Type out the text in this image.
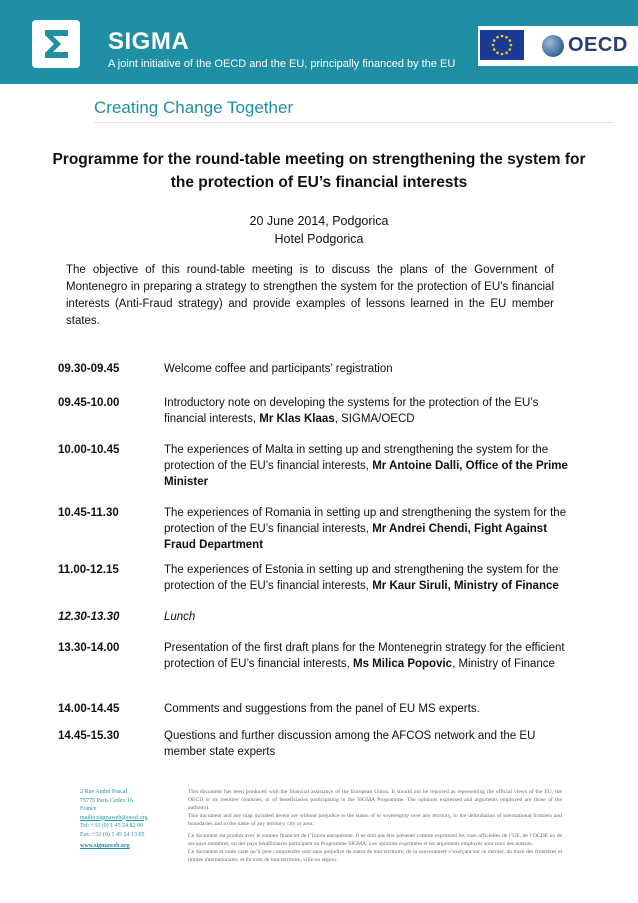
SIGMA
A joint initiative of the OECD and the EU, principally financed by the EU
OECD
Creating Change Together
Programme for the round-table meeting on strengthening the system for the protection of EU’s financial interests
20 June 2014, Podgorica
Hotel Podgorica
The objective of this round-table meeting is to discuss the plans of the Government of Montenegro in preparing a strategy to strengthen the system for the protection of EU’s financial interests (Anti-Fraud strategy) and provide examples of lessons learned in the EU member states.
09.30-09.45	Welcome coffee and participants’ registration
09.45-10.00	Introductory note on developing the systems for the protection of the EU’s financial interests, Mr Klas Klaas, SIGMA/OECD
10.00-10.45	The experiences of Malta in setting up and strengthening the system for the protection of the EU’s financial interests, Mr Antoine Dalli, Office of the Prime Minister
10.45-11.30	The experiences of Romania in setting up and strengthening the system for the protection of the EU’s financial interests, Mr Andrei Chendi, Fight Against Fraud Department
11.00-12.15	The experiences of Estonia in setting up and strengthening the system for the protection of the EU’s financial interests, Mr Kaur Siruli, Ministry of Finance
12.30-13.30	Lunch
13.30-14.00	Presentation of the first draft plans for the Montenegrin strategy for the efficient protection of EU’s financial interests, Ms Milica Popovic, Ministry of Finance
14.00-14.45	Comments and suggestions from the panel of EU MS experts.
14.45-15.30	Questions and further discussion among the AFCOS network and the EU member state experts
2 Rue André Pascal
75775 Paris Cedex 16
France
mailto:sigmaweb@oecd.org
Tel: +33 (0) 1 45 24 82 00
Fax: +33 (0) 1 45 24 13 05
www.sigmaweb.org

This document has been produced with the financial assistance of the European Union. It should not be reported as representing the official views of the EU, the OECD or its member countries, or of beneficiaries participating in the SIGMA Programme. The opinions expressed and arguments employed are those of the author(s).
This document and any map included herein are without prejudice to the status of or sovereignty over any territory, to the delimitation of international frontiers and boundaries and to the name of any territory, city or area.

Ce document est produit avec le soutien financier de l’Union européenne. Il ne doit pas être présenté comme exprimant les vues officielles de l’UE, de l’OCDE ou de ses pays membres, ou des pays bénéficiaires participant au Programme SIGMA. Les opinions exprimées et les arguments employés sont ceux des auteurs.
Ce document et toute carte qu’il peut comprendre sont sans préjudice du statut de tout territoire, de la souveraineté s’exerçant sur ce dernier, du tracé des frontières et limites internationales, et du nom de tout territoire, ville ou région.
